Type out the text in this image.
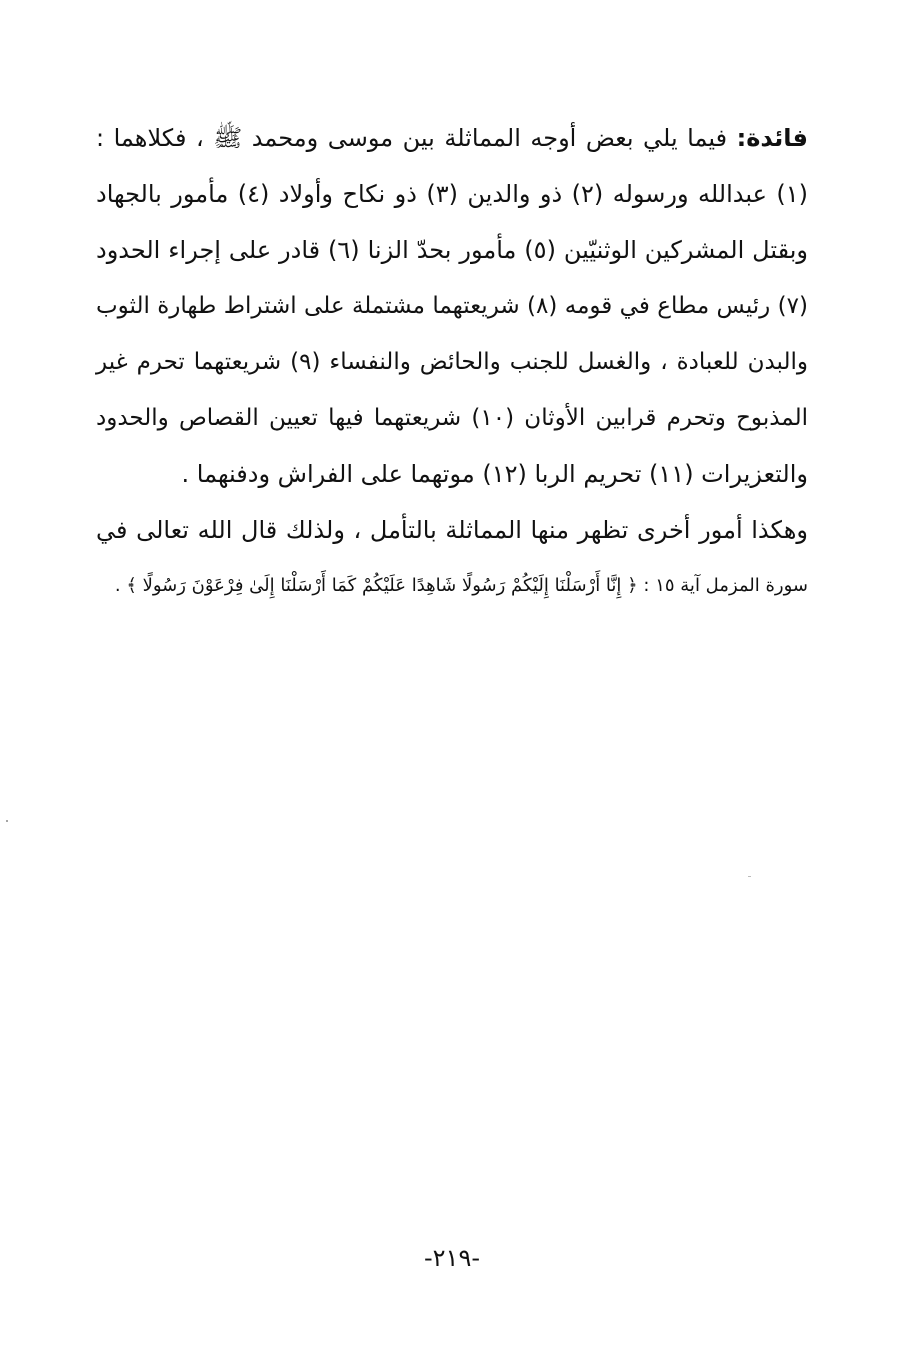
فائدة: فيما يلي بعض أوجه المماثلة بين موسى ومحمد ﷺ ، فكلاهما :
(١) عبدالله ورسوله (٢) ذو والدين (٣) ذو نكاح وأولاد (٤) مأمور بالجهاد
وبقتل المشركين الوثنيّين (٥) مأمور بحدّ الزنا (٦) قادر على إجراء الحدود
(٧) رئيس مطاع في قومه (٨) شريعتهما مشتملة على اشتراط طهارة الثوب
والبدن للعبادة ، والغسل للجنب والحائض والنفساء (٩) شريعتهما تحرم غير
المذبوح وتحرم قرابين الأوثان (١٠) شريعتهما فيها تعيين القصاص والحدود
والتعزيرات (١١) تحريم الربا (١٢) موتهما على الفراش ودفنهما .
وهكذا أمور أخرى تظهر منها المماثلة بالتأمل ، ولذلك قال الله تعالى في
سورة المزمل آية ١٥ : ﴿ إِنَّا أَرْسَلْنَا إِلَيْكُمْ رَسُولًا شَاهِدًا عَلَيْكُمْ كَمَا أَرْسَلْنَا إِلَىٰ فِرْعَوْنَ رَسُولًا ﴾ .
-٢١٩-
